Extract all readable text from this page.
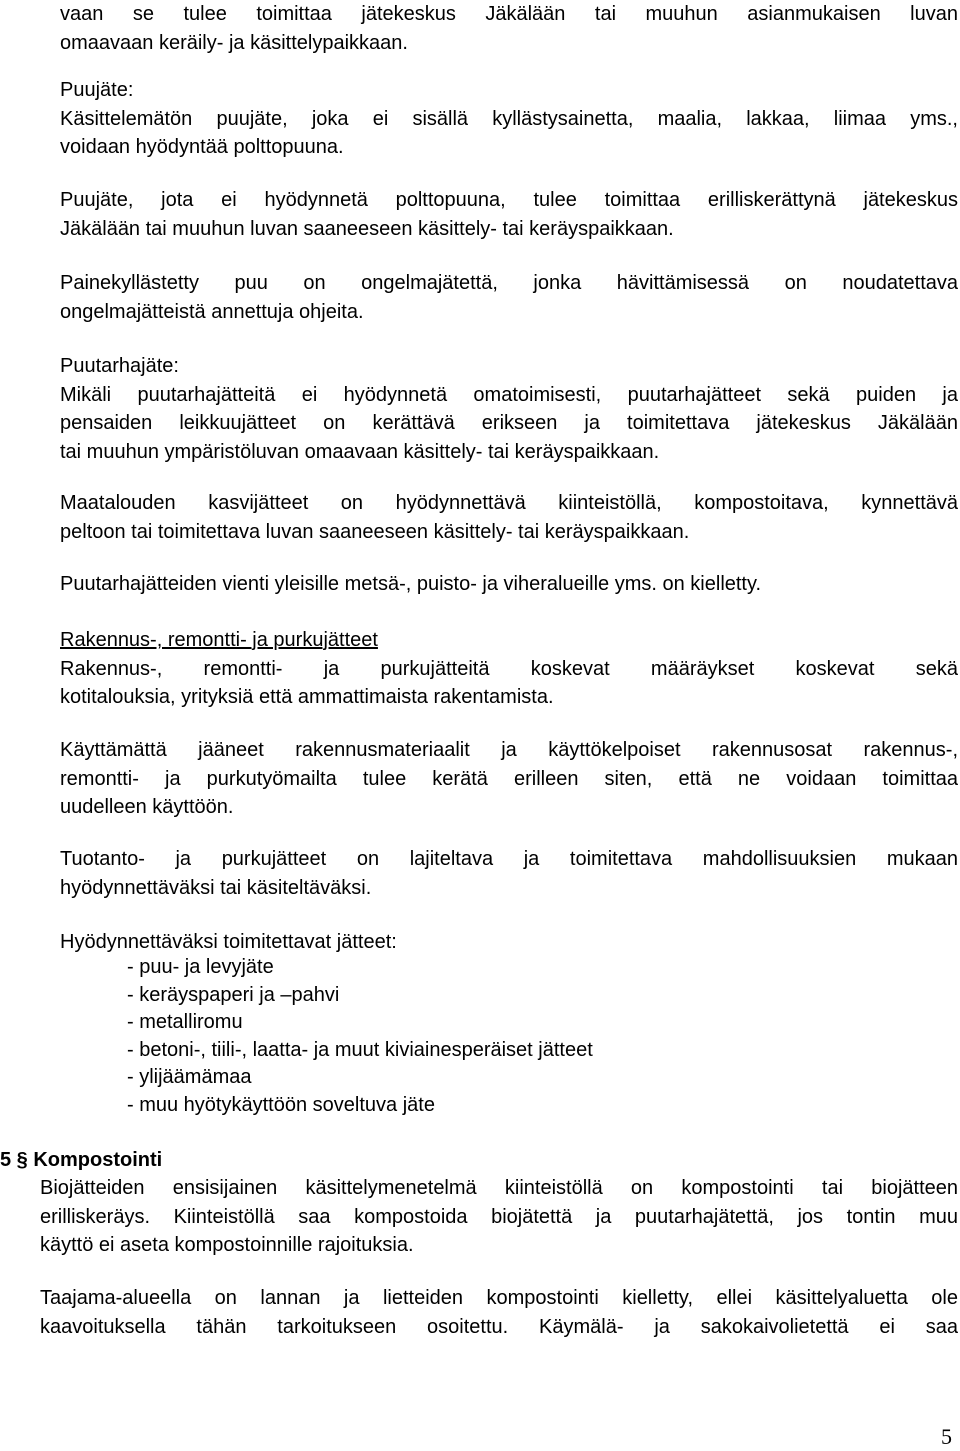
vaan se tulee toimittaa jätekeskus Jäkälään tai muuhun asianmukaisen luvan
omaavaan keräily- ja käsittelypaikkaan.
Puujäte:
Käsittelemätön puujäte, joka ei sisällä kyllästysainetta, maalia, lakkaa, liimaa yms.,
voidaan hyödyntää polttopuuna.
Puujäte, jota ei hyödynnetä polttopuuna, tulee toimittaa erilliskerättynä jätekeskus
Jäkälään tai muuhun luvan saaneeseen käsittely- tai keräyspaikkaan.
Painekyllästetty puu on ongelmajätettä, jonka hävittämisessä on noudatettava
ongelmajätteistä annettuja ohjeita.
Puutarhajäte:
Mikäli puutarhajätteitä ei hyödynnetä omatoimisesti, puutarhajätteet sekä puiden ja
pensaiden leikkuujätteet on kerättävä erikseen ja toimitettava jätekeskus Jäkälään
tai muuhun ympäristöluvan omaavaan käsittely- tai keräyspaikkaan.
Maatalouden kasvijätteet on hyödynnettävä kiinteistöllä, kompostoitava, kynnettävä
peltoon tai toimitettava luvan saaneeseen käsittely- tai keräyspaikkaan.
Puutarhajätteiden vienti yleisille metsä-, puisto- ja viheralueille yms. on kielletty.
Rakennus-, remontti- ja purkujätteet
Rakennus-, remontti- ja purkujätteitä koskevat määräykset koskevat sekä
kotitalouksia, yrityksiä että ammattimaista rakentamista.
Käyttämättä jääneet rakennusmateriaalit ja käyttökelpoiset rakennusosat rakennus-,
remontti- ja purkutyömailta tulee kerätä erilleen siten, että ne voidaan toimittaa
uudelleen käyttöön.
Tuotanto- ja purkujätteet on lajiteltava ja toimitettava mahdollisuuksien mukaan
hyödynnettäväksi tai käsiteltäväksi.
Hyödynnettäväksi toimitettavat jätteet:
- puu- ja levyjäte
- keräyspaperi ja –pahvi
- metalliromu
- betoni-, tiili-, laatta- ja muut kiviainesperäiset jätteet
- ylijäämämaa
- muu hyötykäyttöön soveltuva jäte
5 § Kompostointi
Biojätteiden ensisijainen käsittelymenetelmä kiinteistöllä on kompostointi tai biojätteen
erilliskeräys. Kiinteistöllä saa kompostoida biojätettä ja puutarhajätettä, jos tontin muu
käyttö ei aseta kompostoinnille rajoituksia.
Taajama-alueella on lannan ja lietteiden kompostointi kielletty, ellei käsittelyaluetta ole
kaavoituksella tähän tarkoitukseen osoitettu. Käymälä- ja sakokaivolietettä ei saa
5
